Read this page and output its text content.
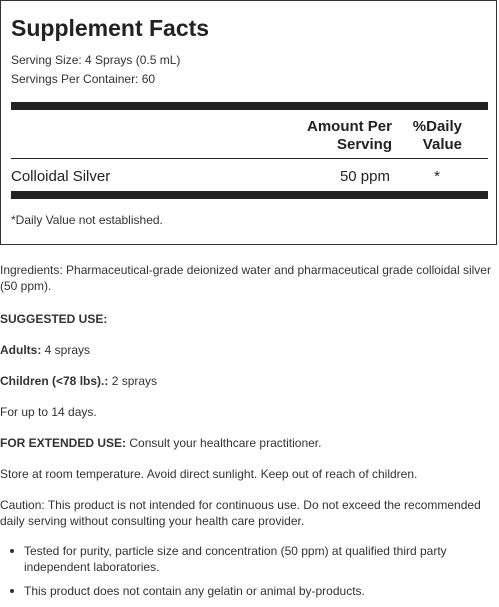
Supplement Facts
Serving Size: 4 Sprays (0.5 mL)
Servings Per Container: 60
Amount Per
Serving
%Daily
Value
Colloidal Silver	50 ppm	*
*Daily Value not established.
Ingredients: Pharmaceutical-grade deionized water and pharmaceutical grade colloidal silver (50 ppm).
SUGGESTED USE:
Adults: 4 sprays
Children (<78 lbs).: 2 sprays
For up to 14 days.
FOR EXTENDED USE: Consult your healthcare practitioner.
Store at room temperature. Avoid direct sunlight. Keep out of reach of children.
Caution: This product is not intended for continuous use. Do not exceed the recommended daily serving without consulting your health care provider.
Tested for purity, particle size and concentration (50 ppm) at qualified third party independent laboratories.
This product does not contain any gelatin or animal by-products.
